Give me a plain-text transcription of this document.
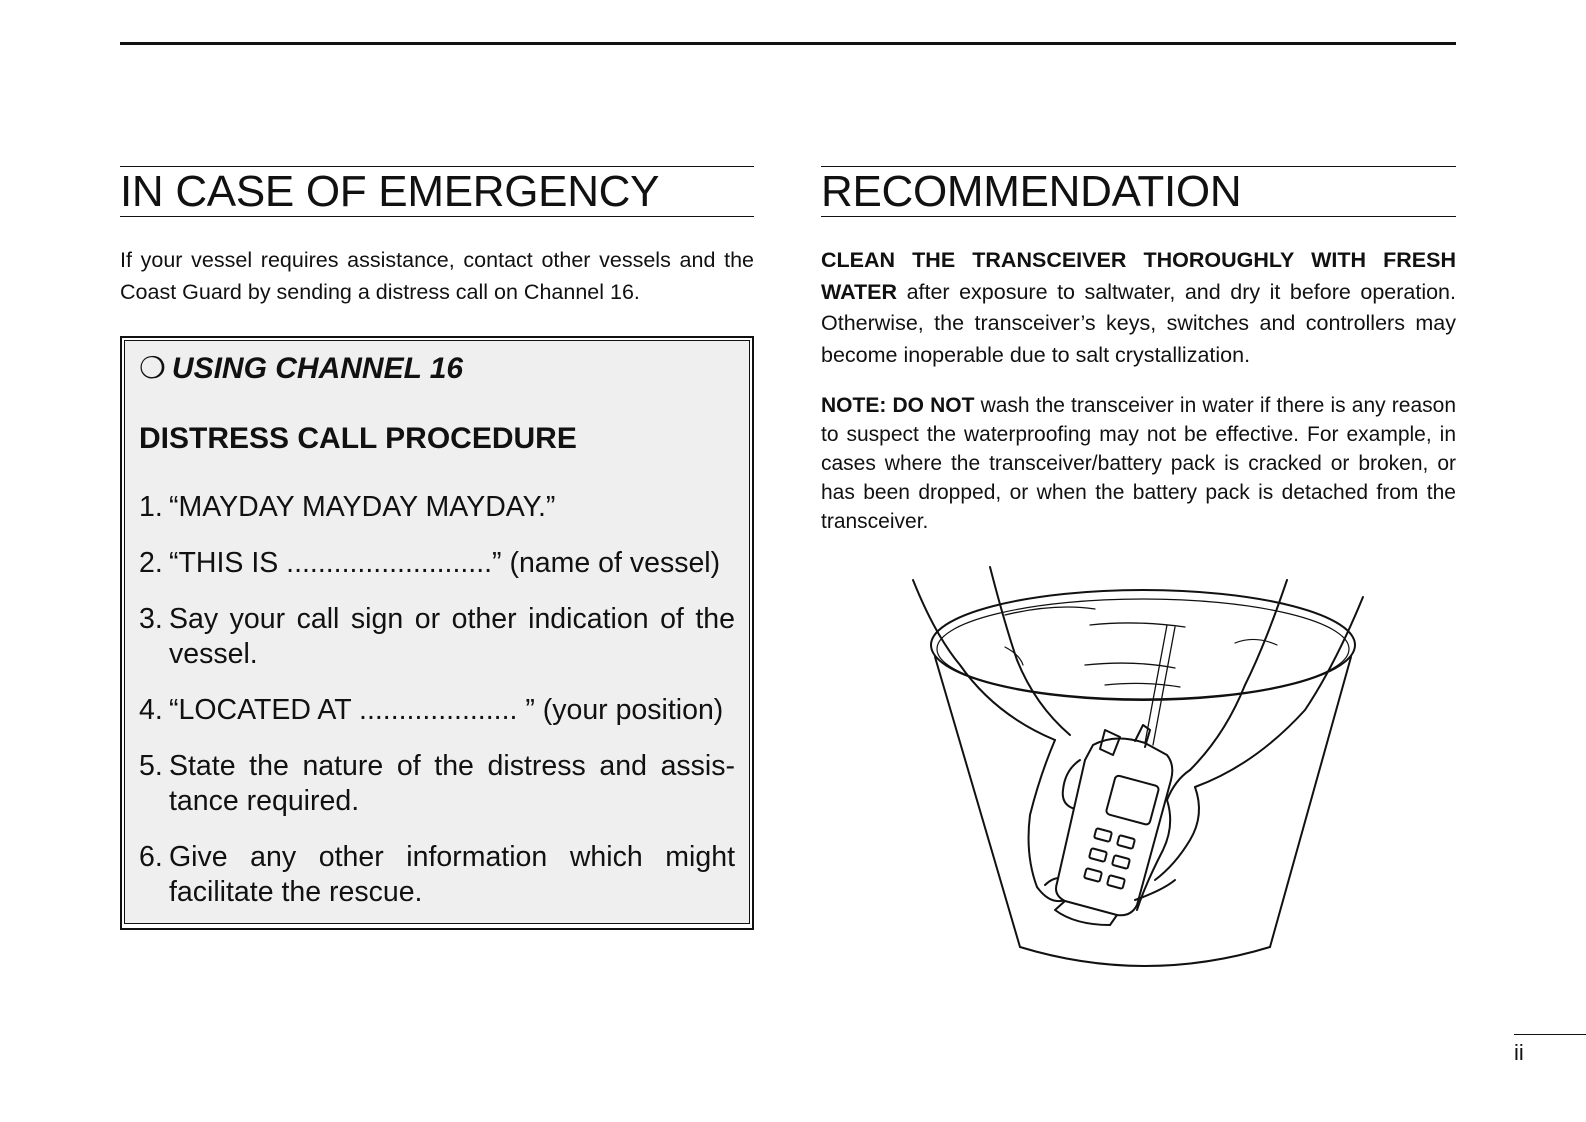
IN CASE OF EMERGENCY
If your vessel requires assistance, contact other vessels and the Coast Guard by sending a distress call on Channel 16.
❍ USING CHANNEL 16
DISTRESS CALL PROCEDURE
1. “MAYDAY MAYDAY MAYDAY.”
2. “THIS IS ..........................” (name of vessel)
3. Say your call sign or other indication of the vessel.
4. “LOCATED AT .................... ” (your position)
5. State the nature of the distress and assistance required.
6. Give any other information which might facilitate the rescue.
RECOMMENDATION
CLEAN THE TRANSCEIVER THOROUGHLY WITH FRESH WATER after exposure to saltwater, and dry it before operation. Otherwise, the transceiver’s keys, switches and controllers may become inoperable due to salt crystallization.
NOTE: DO NOT wash the transceiver in water if there is any reason to suspect the waterproofing may not be effective. For example, in cases where the transceiver/battery pack is cracked or broken, or has been dropped, or when the battery pack is detached from the transceiver.
ii
